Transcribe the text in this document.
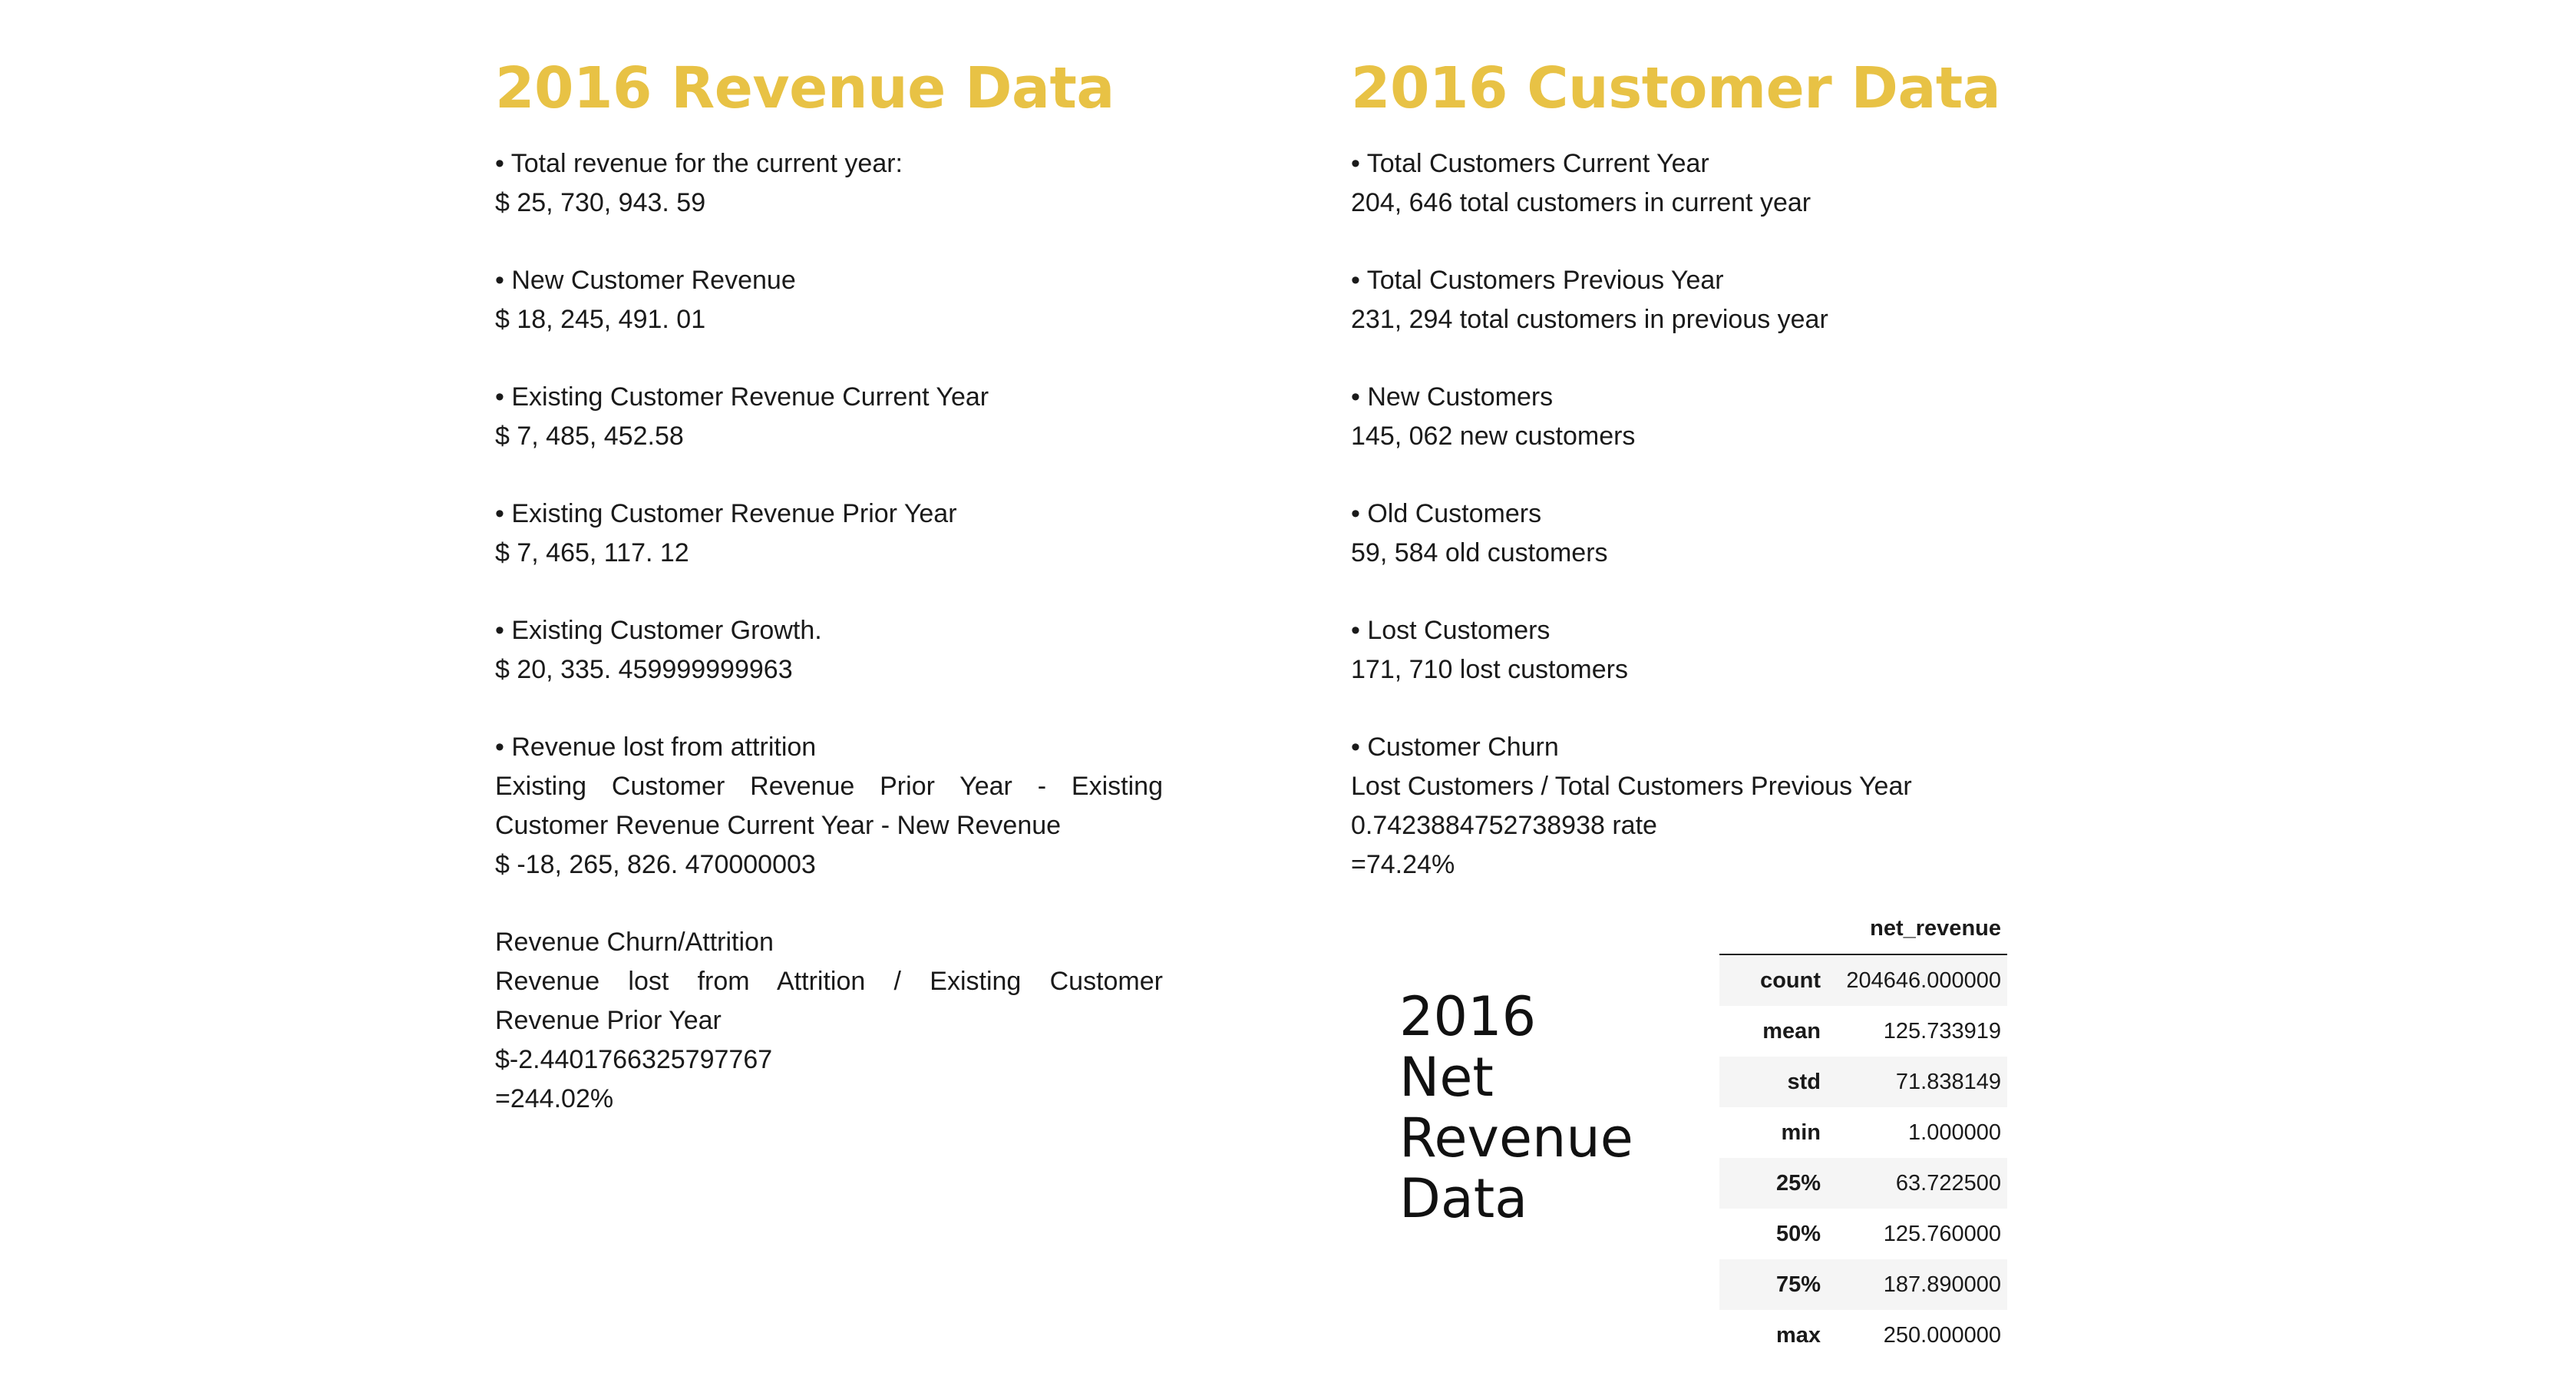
2016 Revenue Data
• Total revenue for the current year:
$ 25, 730, 943. 59
• New Customer Revenue
$ 18, 245, 491. 01
• Existing Customer Revenue Current Year
$ 7, 485, 452.58
• Existing Customer Revenue Prior Year
$ 7, 465, 117. 12
• Existing Customer Growth.
$ 20, 335. 459999999963
• Revenue lost from attrition
Existing Customer Revenue Prior Year - Existing
Customer Revenue Current Year - New Revenue
$ -18, 265, 826. 470000003
Revenue Churn/Attrition
Revenue lost from Attrition / Existing Customer
Revenue Prior Year
$-2.4401766325797767
=244.02%
2016 Customer Data
• Total Customers Current Year
204, 646 total customers in current year
• Total Customers Previous Year
231, 294 total customers in previous year
• New Customers
145, 062 new customers
• Old Customers
59, 584 old customers
• Lost Customers
171, 710 lost customers
• Customer Churn
Lost Customers / Total Customers Previous Year
0.7423884752738938 rate
=74.24%
2016
Net
Revenue
Data
	net_revenue
count	204646.000000
mean	125.733919
std	71.838149
min	1.000000
25%	63.722500
50%	125.760000
75%	187.890000
max	250.000000
